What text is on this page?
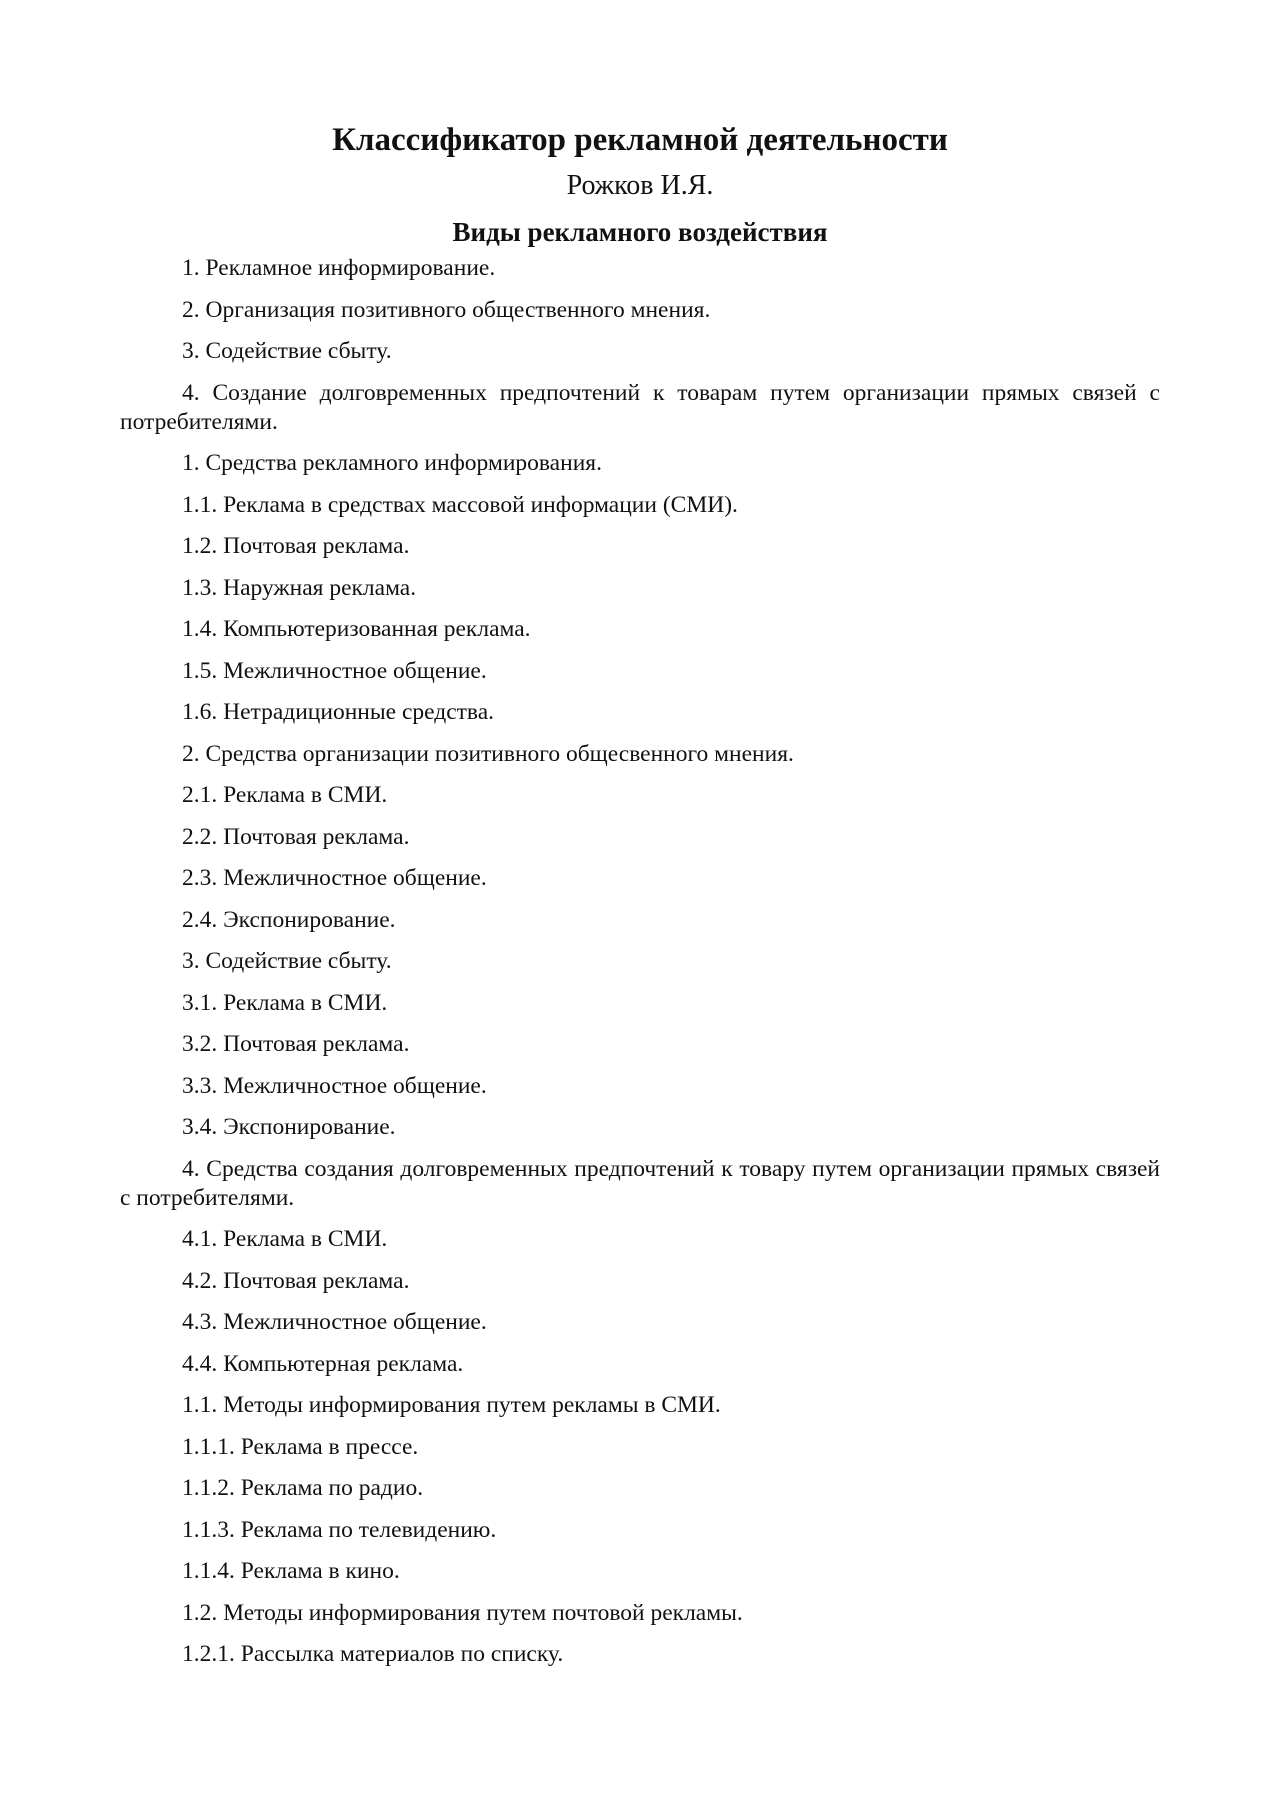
Классификатор рекламной деятельности
Рожков И.Я.
Виды рекламного воздействия

1. Рекламное информирование.

2. Организация позитивного общественного мнения.

3. Содействие сбыту.

4. Создание долговременных предпочтений к товарам путем организации прямых связей с потребителями.

1. Средства рекламного информирования.

1.1. Реклама в средствах массовой информации (СМИ).

1.2. Почтовая реклама.

1.3. Наружная реклама.

1.4. Компьютеризованная реклама.

1.5. Межличностное общение.

1.6. Нетрадиционные средства.

2. Средства организации позитивного общесвенного мнения.

2.1. Реклама в СМИ.

2.2. Почтовая реклама.

2.3. Межличностное общение.

2.4. Экспонирование.

3. Содействие сбыту.

3.1. Реклама в СМИ.

3.2. Почтовая реклама.

3.3. Межличностное общение.

3.4. Экспонирование.

4. Средства создания долговременных предпочтений к товару путем организации прямых связей с потребителями.

4.1. Реклама в СМИ.

4.2. Почтовая реклама.

4.3. Межличностное общение.

4.4. Компьютерная реклама.

1.1. Методы информирования путем рекламы в СМИ.

1.1.1. Реклама в прессе.

1.1.2. Реклама по радио.

1.1.3. Реклама по телевидению.

1.1.4. Реклама в кино.

1.2. Методы информирования путем почтовой рекламы.

1.2.1. Рассылка материалов по списку.
